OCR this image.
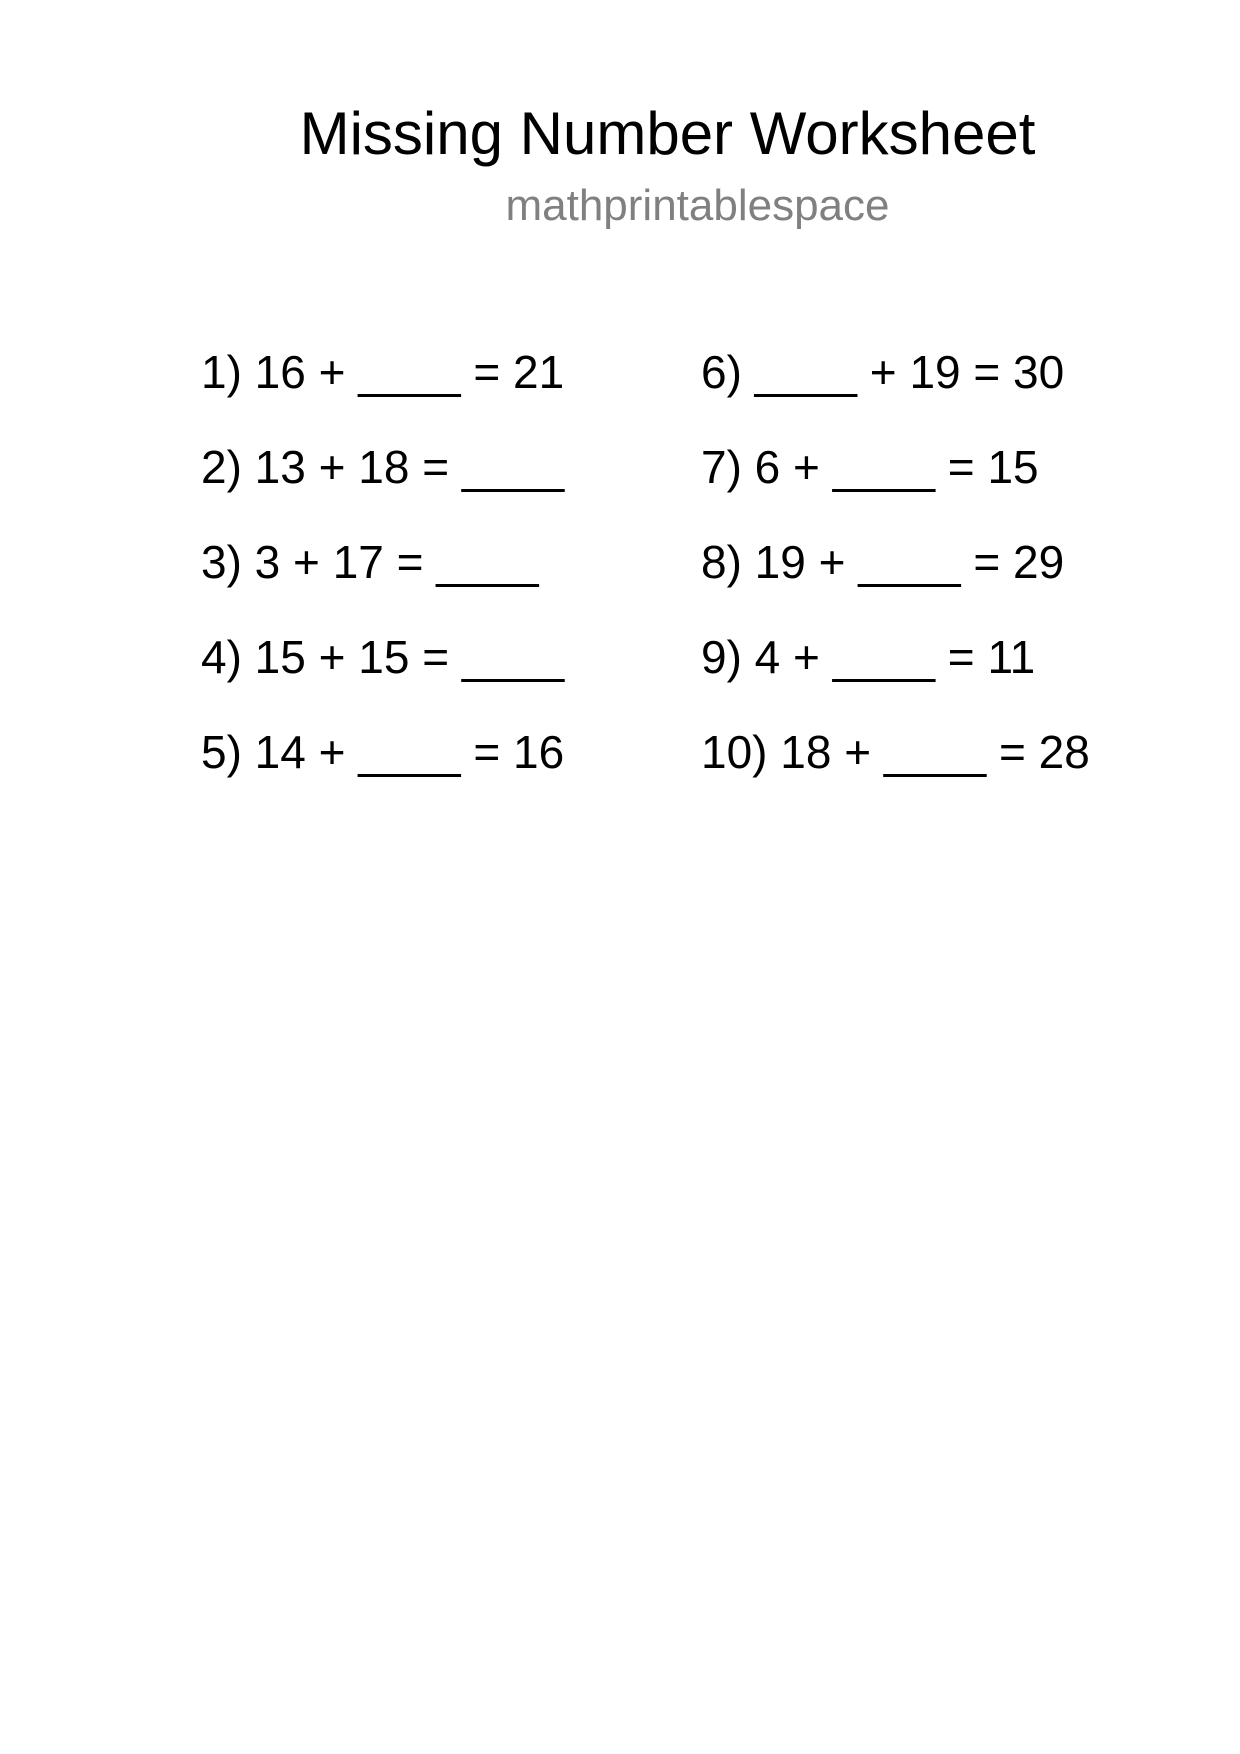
Missing Number Worksheet
mathprintablespace
1) 16 + ____ = 21
2) 13 + 18 = ____
3) 3 + 17 = ____
4) 15 + 15 = ____
5) 14 + ____ = 16
6) ____ + 19 = 30
7) 6 + ____ = 15
8) 19 + ____ = 29
9) 4 + ____ = 11
10) 18 + ____ = 28
